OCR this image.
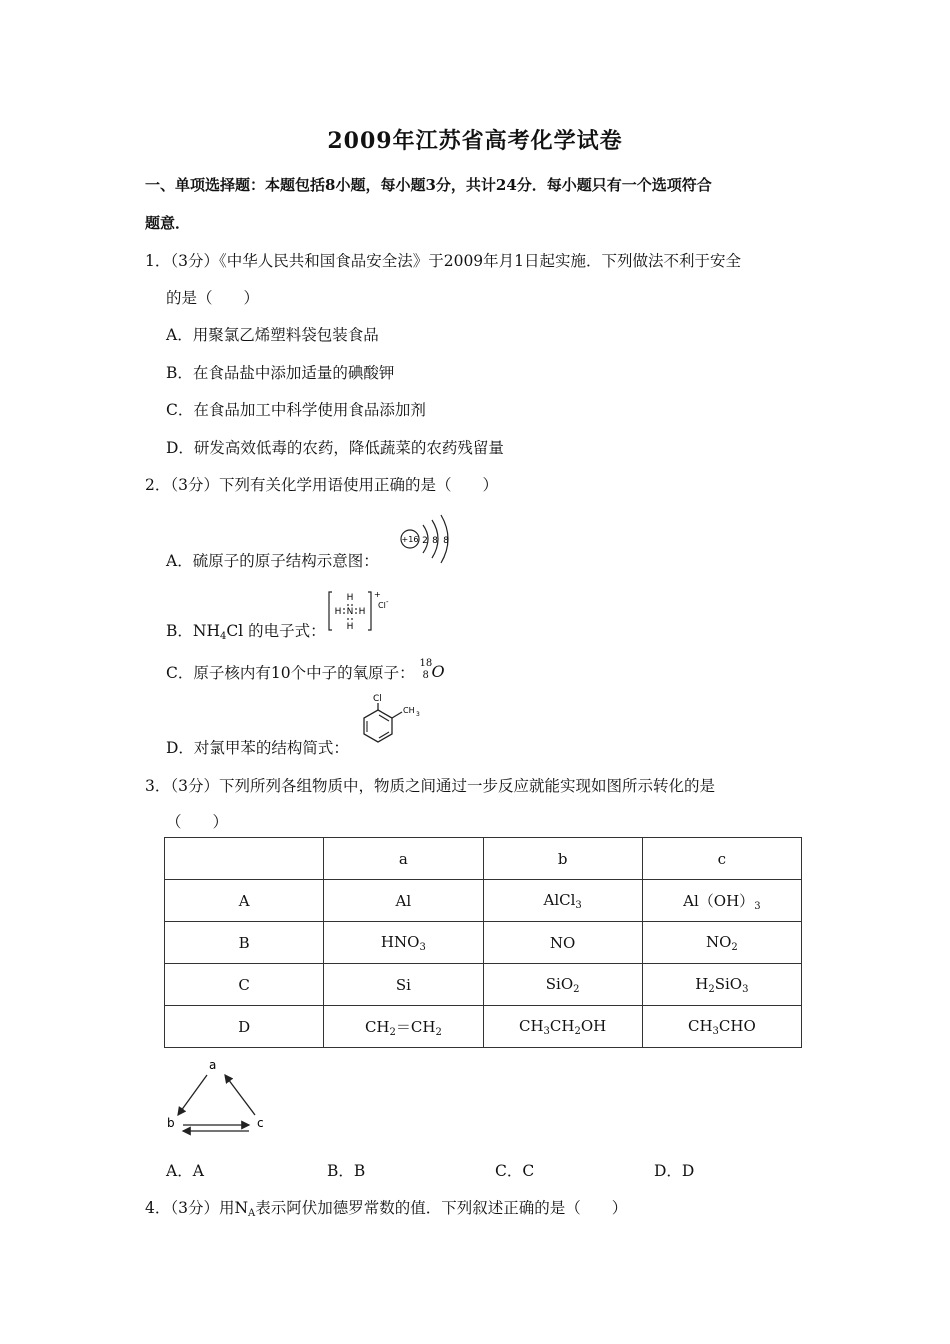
2009年江苏省高考化学试卷
一、单项选择题：本题包括8小题，每小题3分，共计24分．每小题只有一个选项符合
题意．
1．（3分）《中华人民共和国食品安全法》于2009年月1日起实施．下列做法不利于安全
的是（　　）
A．用聚氯乙烯塑料袋包装食品
B．在食品盐中添加适量的碘酸钾
C．在食品加工中科学使用食品添加剂
D．研发高效低毒的农药，降低蔬菜的农药残留量
2．（3分）下列有关化学用语使用正确的是（　　）
A．硫原子的原子结构示意图：
+16 2 8 8
B．$NH_4Cl$ 的电子式：
H
H N H
H
+
Cl -
C．原子核内有10个中子的氧原子：
18
8 O
D．对氯甲苯的结构简式：
Cl
CH 3
3．（3分）下列所列各组物质中，物质之间通过一步反应就能实现如图所示转化的是
（　　）
	a	b	c
A	Al	AlCl$_3$	$Al(OH)_3$
B	$HNO_3$	NO	$NO_2$
C	Si	SiO$_2$	$H_2SiO_3$
D	$CH_2=CH_2$	$CH_3CH_2OH$	$CH_3CHO$
a
b	c
A．A	B．B	C．C	D．D
4．（3分）用$N_A$表示阿伏加德罗常数的值．下列叙述正确的是（　　）
